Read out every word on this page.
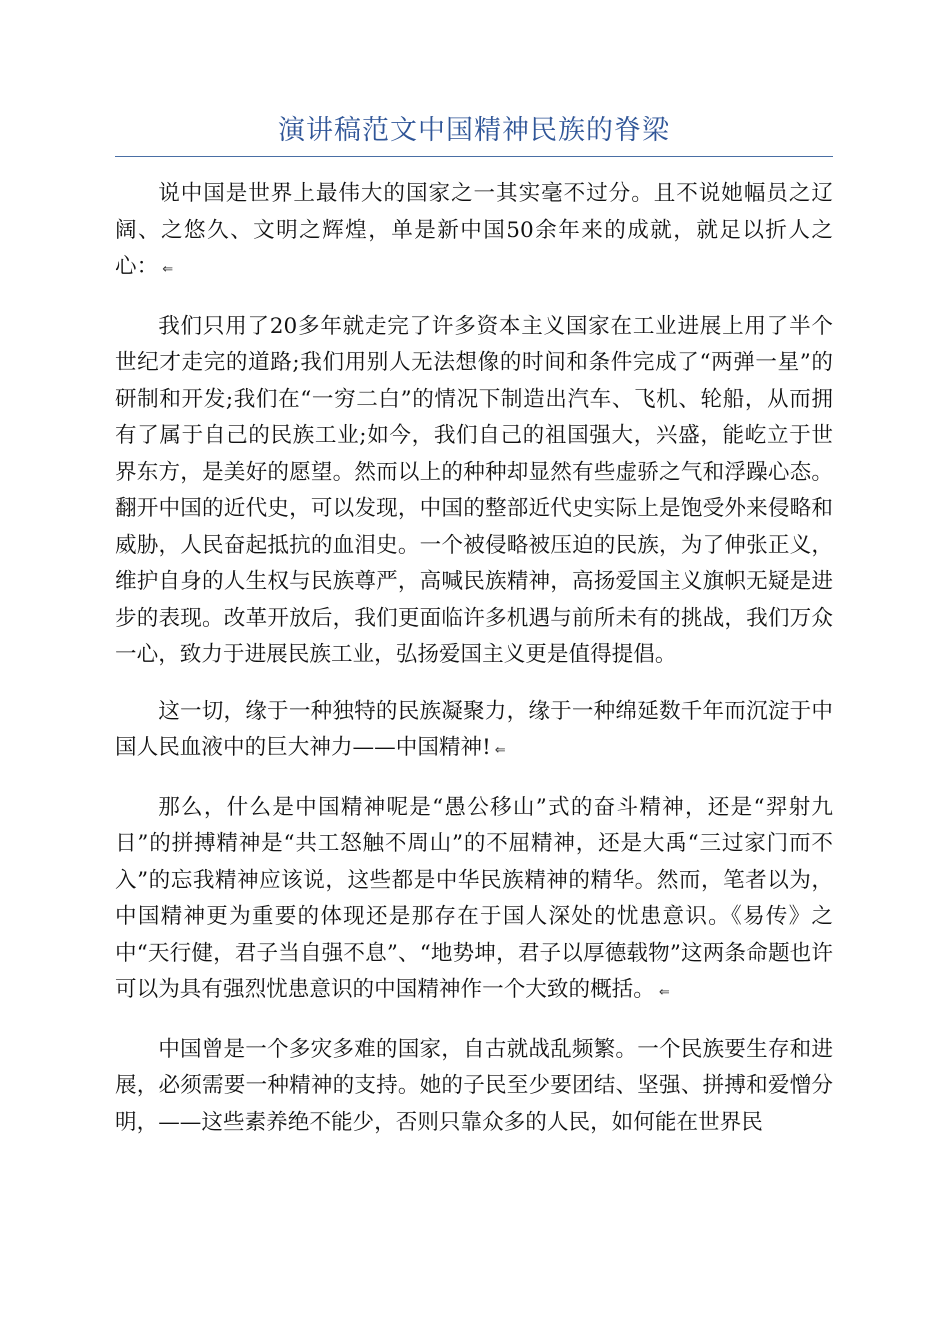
演讲稿范文中国精神民族的脊梁

说中国是世界上最伟大的国家之一其实毫不过分。且不说她幅员之辽阔、之悠久、文明之辉煌，单是新中国50余年来的成就，就足以折人之心： ⇐

我们只用了20多年就走完了许多资本主义国家在工业进展上用了半个世纪才走完的道路;我们用别人无法想像的时间和条件完成了“两弹一星”的研制和开发;我们在“一穷二白”的情况下制造出汽车、飞机、轮船，从而拥有了属于自己的民族工业;如今，我们自己的祖国强大，兴盛，能屹立于世界东方，是美好的愿望。然而以上的种种却显然有些虚骄之气和浮躁心态。翻开中国的近代史，可以发现，中国的整部近代史实际上是饱受外来侵略和威胁，人民奋起抵抗的血泪史。一个被侵略被压迫的民族，为了伸张正义，维护自身的人生权与民族尊严，高喊民族精神，高扬爱国主义旗帜无疑是进步的表现。改革开放后，我们更面临许多机遇与前所未有的挑战，我们万众一心，致力于进展民族工业，弘扬爱国主义更是值得提倡。

这一切，缘于一种独特的民族凝聚力，缘于一种绵延数千年而沉淀于中国人民血液中的巨大神力——中国精神! ⇐

那么，什么是中国精神呢是“愚公移山”式的奋斗精神，还是“羿射九日”的拼搏精神是“共工怒触不周山”的不屈精神，还是大禹“三过家门而不入”的忘我精神应该说，这些都是中华民族精神的精华。然而，笔者以为，中国精神更为重要的体现还是那存在于国人深处的忧患意识。《易传》之中“天行健，君子当自强不息”、“地势坤，君子以厚德载物”这两条命题也许可以为具有强烈忧患意识的中国精神作一个大致的概括。 ⇐

中国曾是一个多灾多难的国家，自古就战乱频繁。一个民族要生存和进展，必须需要一种精神的支持。她的子民至少要团结、坚强、拼搏和爱憎分明，——这些素养绝不能少，否则只靠众多的人民，如何能在世界民
